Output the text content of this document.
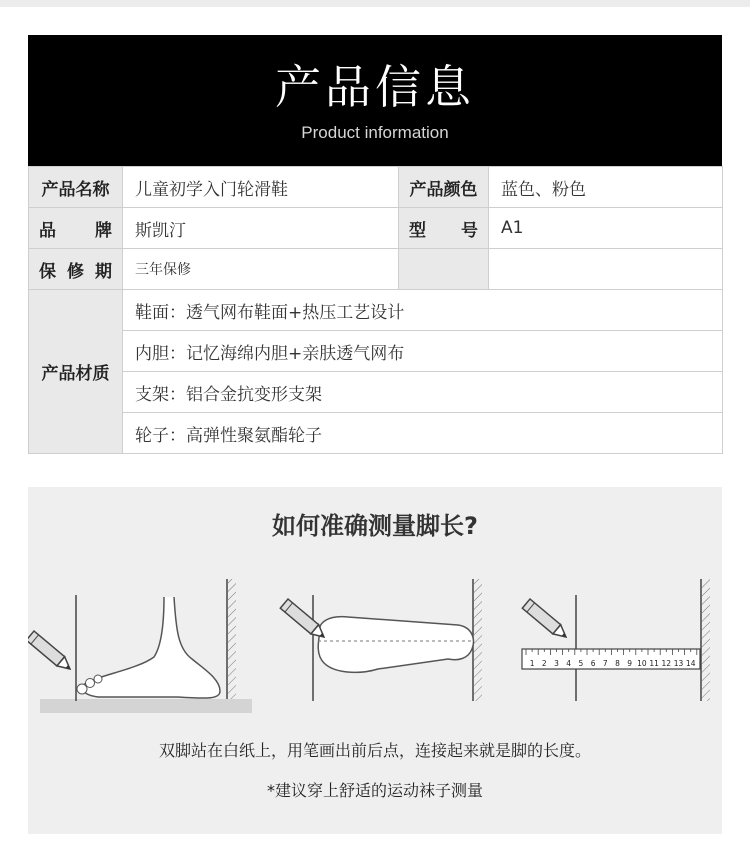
产品信息
Product information
产品名称	儿童初学入门轮滑鞋	产品颜色	蓝色、粉色
品牌	斯凯汀	型号	A1
保修期	三年保修		
产品材质	鞋面：透气网布鞋面+热压工艺设计		
	内胆：记忆海绵内胆+亲肤透气网布		
	支架：铝合金抗变形支架		
	轮子：高弹性聚氨酯轮子		
如何准确测量脚长?
1 2 3 4 5 6 7 8 9 10 11 12 13 14
双脚站在白纸上，用笔画出前后点，连接起来就是脚的长度。
*建议穿上舒适的运动袜子测量
